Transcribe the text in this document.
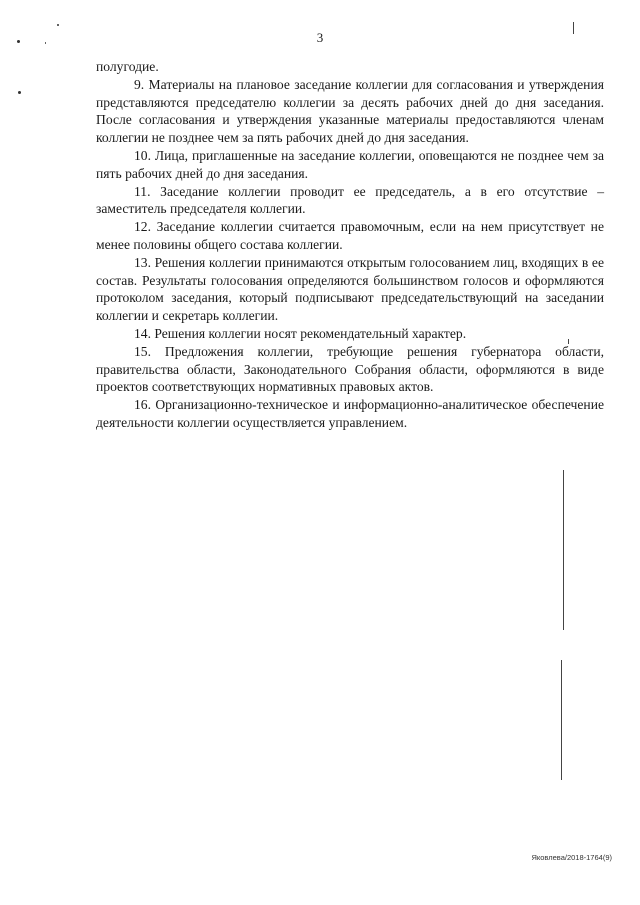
3

полугодие.

9. Материалы на плановое заседание коллегии для согласования и утверждения представляются председателю коллегии за десять рабочих дней до дня заседания. После согласования и утверждения указанные материалы предоставляются членам коллегии не позднее чем за пять рабочих дней до дня заседания.

10. Лица, приглашенные на заседание коллегии, оповещаются не позднее чем за пять рабочих дней до дня заседания.

11. Заседание коллегии проводит ее председатель, а в его отсутствие – заместитель председателя коллегии.

12. Заседание коллегии считается правомочным, если на нем присутствует не менее половины общего состава коллегии.

13. Решения коллегии принимаются открытым голосованием лиц, входящих в ее состав. Результаты голосования определяются большинством голосов и оформляются протоколом заседания, который подписывают председательствующий на заседании коллегии и секретарь коллегии.

14. Решения коллегии носят рекомендательный характер.

15. Предложения коллегии, требующие решения губернатора области, правительства области, Законодательного Собрания области, оформляются в виде проектов соответствующих нормативных правовых актов.

16. Организационно-техническое и информационно-аналитическое обеспечение деятельности коллегии осуществляется управлением.

Яковлева/2018-1764(9)
